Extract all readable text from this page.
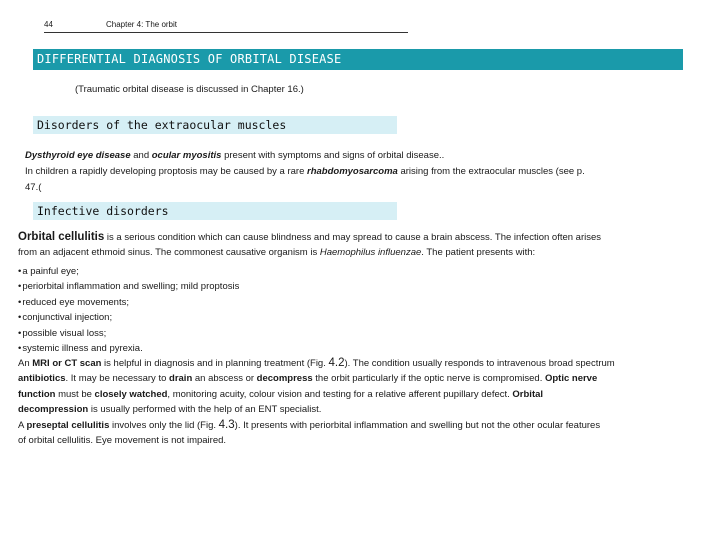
44	Chapter 4: The orbit
DIFFERENTIAL DIAGNOSIS OF ORBITAL DISEASE
(Traumatic orbital disease is discussed in Chapter 16.)
Disorders of the extraocular muscles

Dysthyroid eye disease and ocular myositis present with symptoms and signs of orbital disease..

In children a rapidly developing proptosis may be caused by a rare rhabdomyosarcoma arising from the extraocular muscles (see p.
47.(

Infective disorders
Orbital cellulitis is a serious condition which can cause blindness and may spread to cause a brain abscess. The infection often arises
from an adjacent ethmoid sinus. The commonest causative organism is Haemophilus influenzae. The patient presents with:
• a painful eye;
• periorbital inflammation and swelling; mild proptosis
• reduced eye movements;
• conjunctival injection;
• possible visual loss;
• systemic illness and pyrexia.
An MRI or CT scan is helpful in diagnosis and in planning treatment (Fig. 4.2). The condition usually responds to intravenous broad spectrum
antibiotics. It may be necessary to drain an abscess or decompress the orbit particularly if the optic nerve is compromised. Optic nerve
function must be closely watched, monitoring acuity, colour vision and testing for a relative afferent pupillary defect. Orbital
decompression is usually performed with the help of an ENT specialist.
A preseptal cellulitis involves only the lid (Fig. 4.3). It presents with periorbital inflammation and swelling but not the other ocular features
of orbital cellulitis. Eye movement is not impaired.
